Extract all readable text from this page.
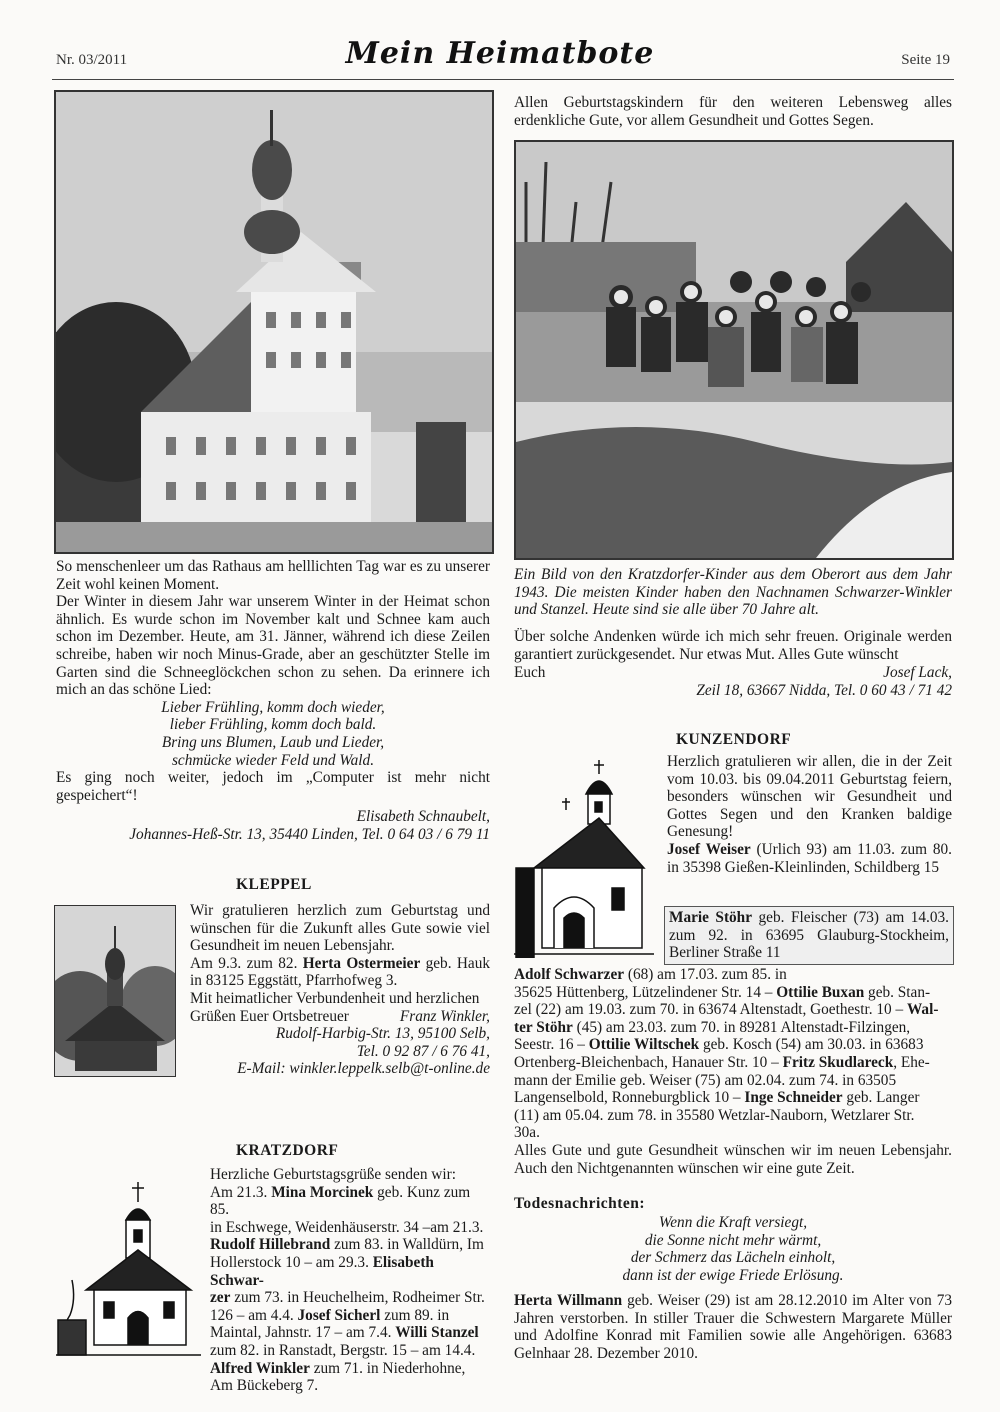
Nr. 03/2011	Mein Heimatbote	Seite 19

So menschenleer um das Rathaus am helllichten Tag war es zu unserer Zeit wohl keinen Moment.

Der Winter in diesem Jahr war unserem Winter in der Heimat schon ähnlich. Es wurde schon im November kalt und Schnee kam auch schon im Dezember. Heute, am 31. Jänner, während ich diese Zeilen schreibe, haben wir noch Minus-Grade, aber an geschützter Stelle im Garten sind die Schneeglöckchen schon zu sehen. Da erinnere ich mich an das schöne Lied:

Lieber Frühling, komm doch wieder,
lieber Frühling, komm doch bald.
Bring uns Blumen, Laub und Lieder,
schmücke wieder Feld und Wald.

Es ging noch weiter, jedoch im „Computer ist mehr nicht gespeichert“!

Elisabeth Schnaubelt,
Johannes-Heß-Str. 13, 35440 Linden, Tel. 0 64 03 / 6 79 11
KLEPPEL

Wir gratulieren herzlich zum Geburtstag und wünschen für die Zukunft alles Gute sowie viel Gesundheit im neuen Lebensjahr.

Am 9.3. zum 82. Herta Ostermeier geb. Hauk in 83125 Eggstätt, Pfarrhofweg 3.

Mit heimatlicher Verbundenheit und herzlichen

Grüßen Euer Ortsbetreuer	Franz Winkler,
Rudolf-Harbig-Str. 13, 95100 Selb,
Tel. 0 92 87 / 6 76 41,
E-Mail: winkler.leppelk.selb@t-online.de
KRATZDORF
Herzliche Geburtstagsgrüße senden wir:
Am 21.3. Mina Morcinek geb. Kunz zum 85.
in Eschwege, Weidenhäuserstr. 34 –am 21.3.
Rudolf Hillebrand zum 83. in Walldürn, Im
Hollerstock 10 – am 29.3. Elisabeth Schwar-
zer zum 73. in Heuchelheim, Rodheimer Str.
126 – am 4.4. Josef Sicherl zum 89. in
Maintal, Jahnstr. 17 – am 7.4. Willi Stanzel
zum 82. in Ranstadt, Bergstr. 15 – am 14.4.
Alfred Winkler zum 71. in Niederhohne,
Am Bückeberg 7.
Allen Geburtstagskindern für den weiteren Lebensweg alles erdenkliche Gute, vor allem Gesundheit und Gottes Segen.
Ein Bild von den Kratzdorfer-Kinder aus dem Oberort aus dem Jahr 1943. Die meisten Kinder haben den Nachnamen Schwarzer-Winkler und Stanzel. Heute sind sie alle über 70 Jahre alt.

Über solche Andenken würde ich mich sehr freuen. Originale werden garantiert zurückgesendet. Nur etwas Mut. Alles Gute wünscht

Euch	Josef Lack,
Zeil 18, 63667 Nidda, Tel. 0 60 43 / 71 42
KUNZENDORF

Herzlich gratulieren wir allen, die in der Zeit vom 10.03. bis 09.04.2011 Geburtstag feiern, besonders wünschen wir Gesundheit und Gottes Segen und den Kranken baldige Genesung!

Josef Weiser (Urlich 93) am 11.03. zum 80. in 35398 Gießen-Kleinlinden, Schildberg 15

Marie Stöhr geb. Fleischer (73) am 14.03. zum 92. in 63695 Glauburg-Stockheim, Berliner Straße 11
Adolf Schwarzer (68) am 17.03. zum 85. in
35625 Hüttenberg, Lützelindener Str. 14 – Ottilie Buxan geb. Stan-
zel (22) am 19.03. zum 70. in 63674 Altenstadt, Goethestr. 10 – Wal-
ter Stöhr (45) am 23.03. zum 70. in 89281 Altenstadt-Filzingen,
Seestr. 16 – Ottilie Wiltschek geb. Kosch (54) am 30.03. in 63683
Ortenberg-Bleichenbach, Hanauer Str. 10 – Fritz Skudlareck, Ehe-
mann der Emilie geb. Weiser (75) am 02.04. zum 74. in 63505
Langenselbold, Ronneburgblick 10 – Inge Schneider geb. Langer
(11) am 05.04. zum 78. in 35580 Wetzlar-Nauborn, Wetzlarer Str.
30a.

Alles Gute und gute Gesundheit wünschen wir im neuen Lebensjahr. Auch den Nichtgenannten wünschen wir eine gute Zeit.

Todesnachrichten:
Wenn die Kraft versiegt,
die Sonne nicht mehr wärmt,
der Schmerz das Lächeln einholt,
dann ist der ewige Friede Erlösung.
Herta Willmann geb. Weiser (29) ist am 28.12.2010 im Alter von 73 Jahren verstorben. In stiller Trauer die Schwestern Margarete Müller und Adolfine Konrad mit Familien sowie alle Angehörigen. 63683 Gelnhaar 28. Dezember 2010.
